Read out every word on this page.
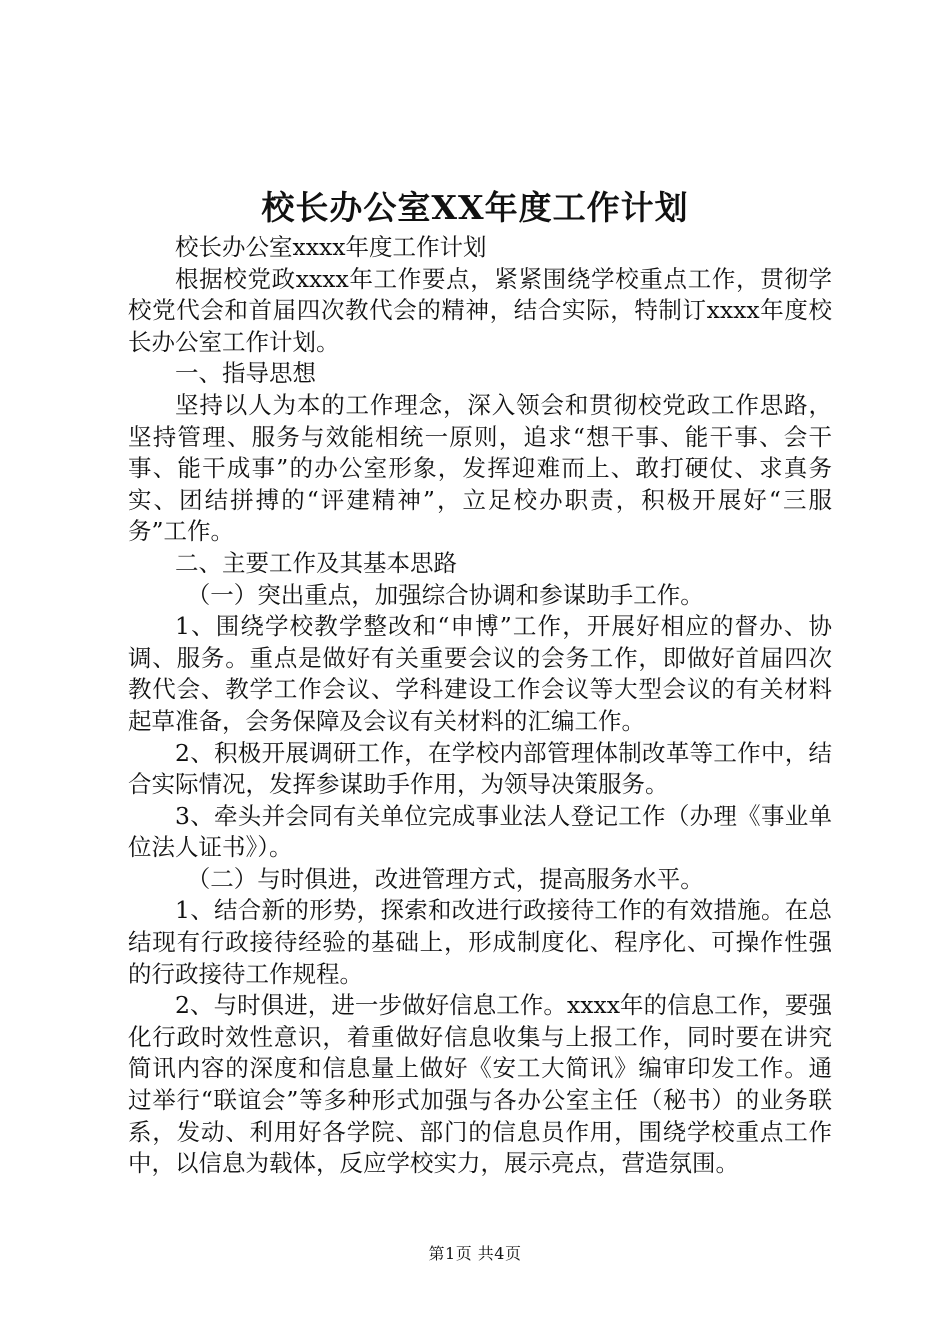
校长办公室XX年度工作计划

校长办公室xxxx年度工作计划

根据校党政xxxx年工作要点，紧紧围绕学校重点工作，贯彻学校党代会和首届四次教代会的精神，结合实际，特制订xxxx年度校长办公室工作计划。

一、指导思想

坚持以人为本的工作理念，深入领会和贯彻校党政工作思路，坚持管理、服务与效能相统一原则，追求“想干事、能干事、会干事、能干成事”的办公室形象，发挥迎难而上、敢打硬仗、求真务实、团结拼搏的“评建精神”，立足校办职责，积极开展好“三服务”工作。

二、主要工作及其基本思路

（一）突出重点，加强综合协调和参谋助手工作。

1、围绕学校教学整改和“申博”工作，开展好相应的督办、协调、服务。重点是做好有关重要会议的会务工作，即做好首届四次教代会、教学工作会议、学科建设工作会议等大型会议的有关材料起草准备，会务保障及会议有关材料的汇编工作。

2、积极开展调研工作，在学校内部管理体制改革等工作中，结合实际情况，发挥参谋助手作用，为领导决策服务。

3、牵头并会同有关单位完成事业法人登记工作（办理《事业单位法人证书》）。

（二）与时俱进，改进管理方式，提高服务水平。

1、结合新的形势，探索和改进行政接待工作的有效措施。在总结现有行政接待经验的基础上，形成制度化、程序化、可操作性强的行政接待工作规程。

2、与时俱进，进一步做好信息工作。xxxx年的信息工作，要强化行政时效性意识，着重做好信息收集与上报工作，同时要在讲究简讯内容的深度和信息量上做好《安工大简讯》编审印发工作。通过举行“联谊会”等多种形式加强与各办公室主任（秘书）的业务联系，发动、利用好各学院、部门的信息员作用，围绕学校重点工作中，以信息为载体，反应学校实力，展示亮点，营造氛围。

第1页 共4页
